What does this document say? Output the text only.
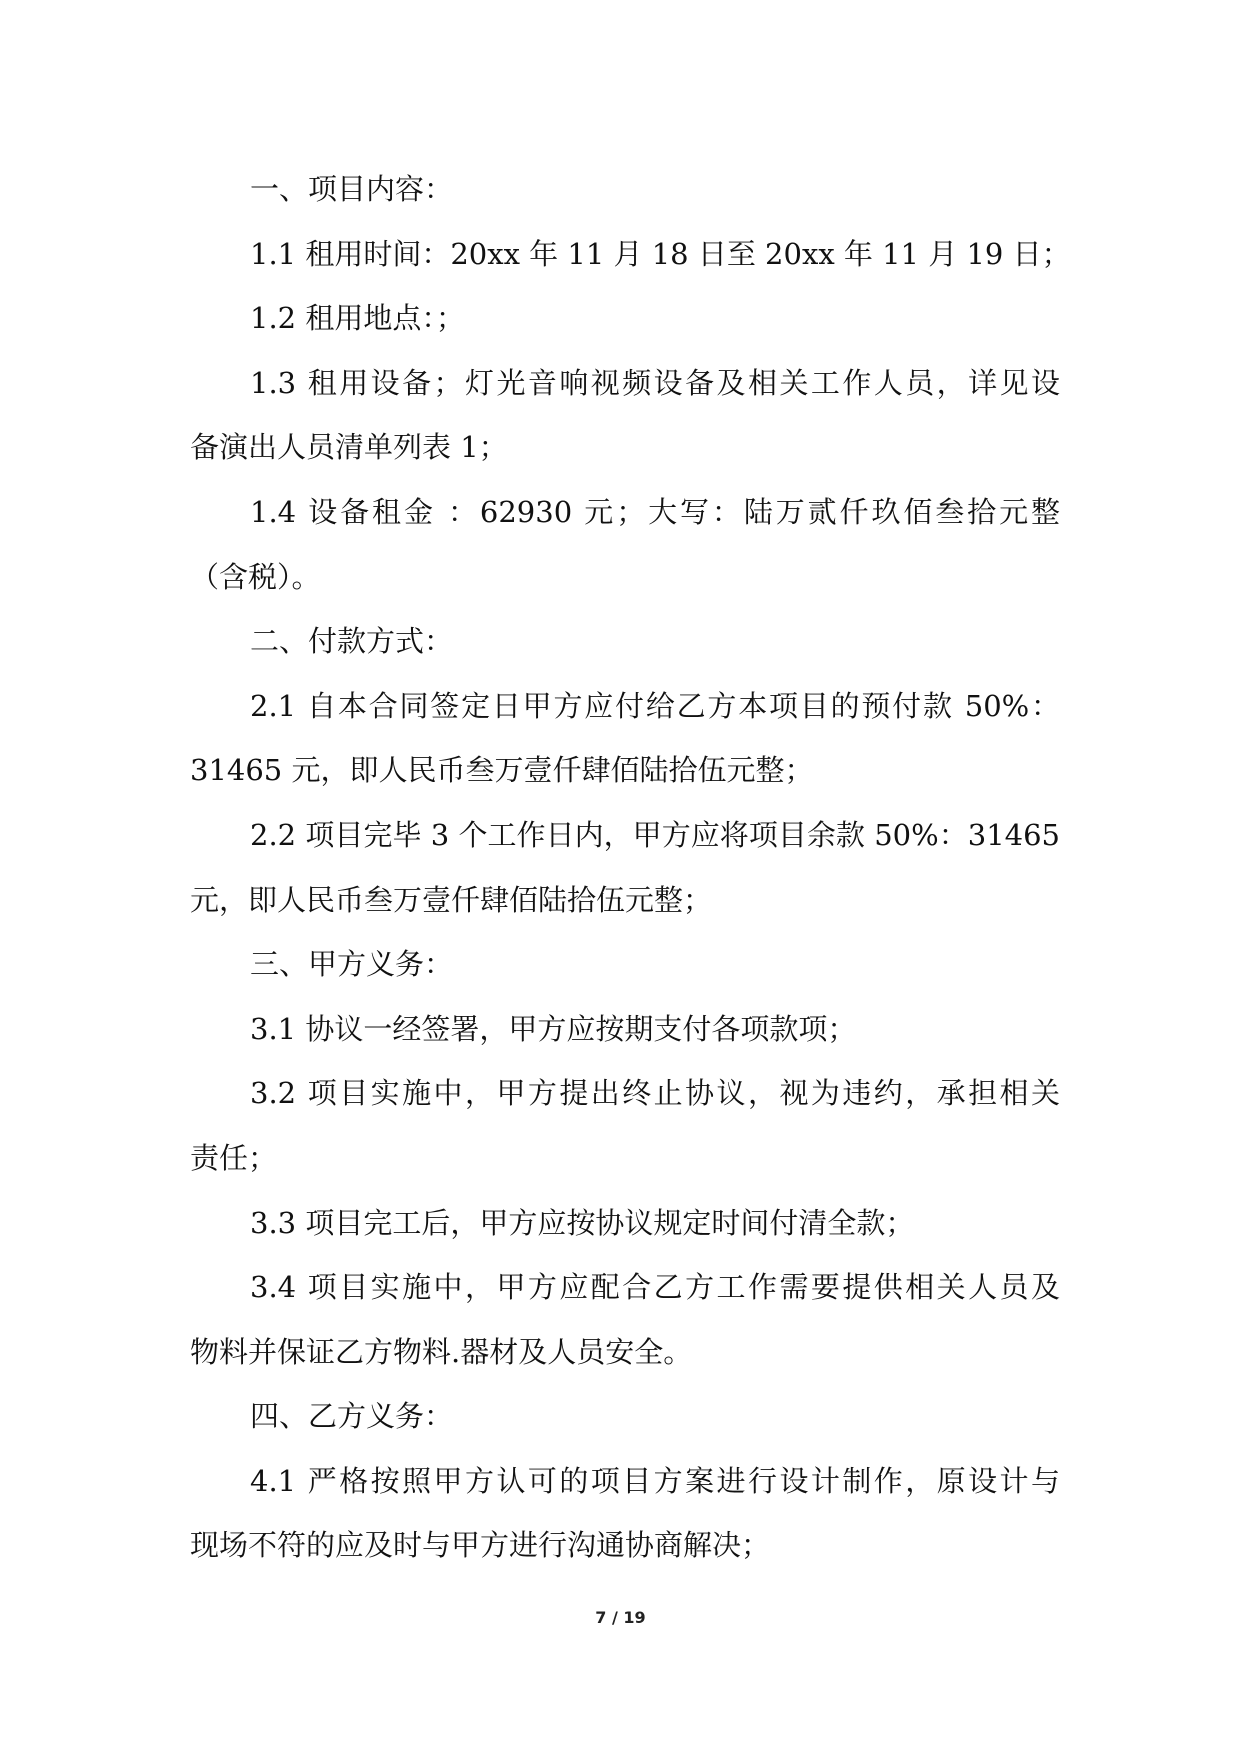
一、项目内容：
1.1 租用时间：20xx 年 11 月 18 日至 20xx 年 11 月 19 日；
1.2 租用地点：；
1.3 租用设备；灯光音响视频设备及相关工作人员，详见设
备演出人员清单列表 1；
1.4 设备租金 ：62930 元；大写：陆万贰仟玖佰叁拾元整
（含税）。
二、付款方式：
2.1 自本合同签定日甲方应付给乙方本项目的预付款 50%：
31465 元，即人民币叁万壹仟肆佰陆拾伍元整；
2.2 项目完毕 3 个工作日内，甲方应将项目余款 50%：31465
元，即人民币叁万壹仟肆佰陆拾伍元整；
三、甲方义务：
3.1 协议一经签署，甲方应按期支付各项款项；
3.2 项目实施中，甲方提出终止协议，视为违约，承担相关
责任；
3.3 项目完工后，甲方应按协议规定时间付清全款；
3.4 项目实施中，甲方应配合乙方工作需要提供相关人员及
物料并保证乙方物料.器材及人员安全。
四、乙方义务：
4.1 严格按照甲方认可的项目方案进行设计制作，原设计与
现场不符的应及时与甲方进行沟通协商解决；
7 / 19
